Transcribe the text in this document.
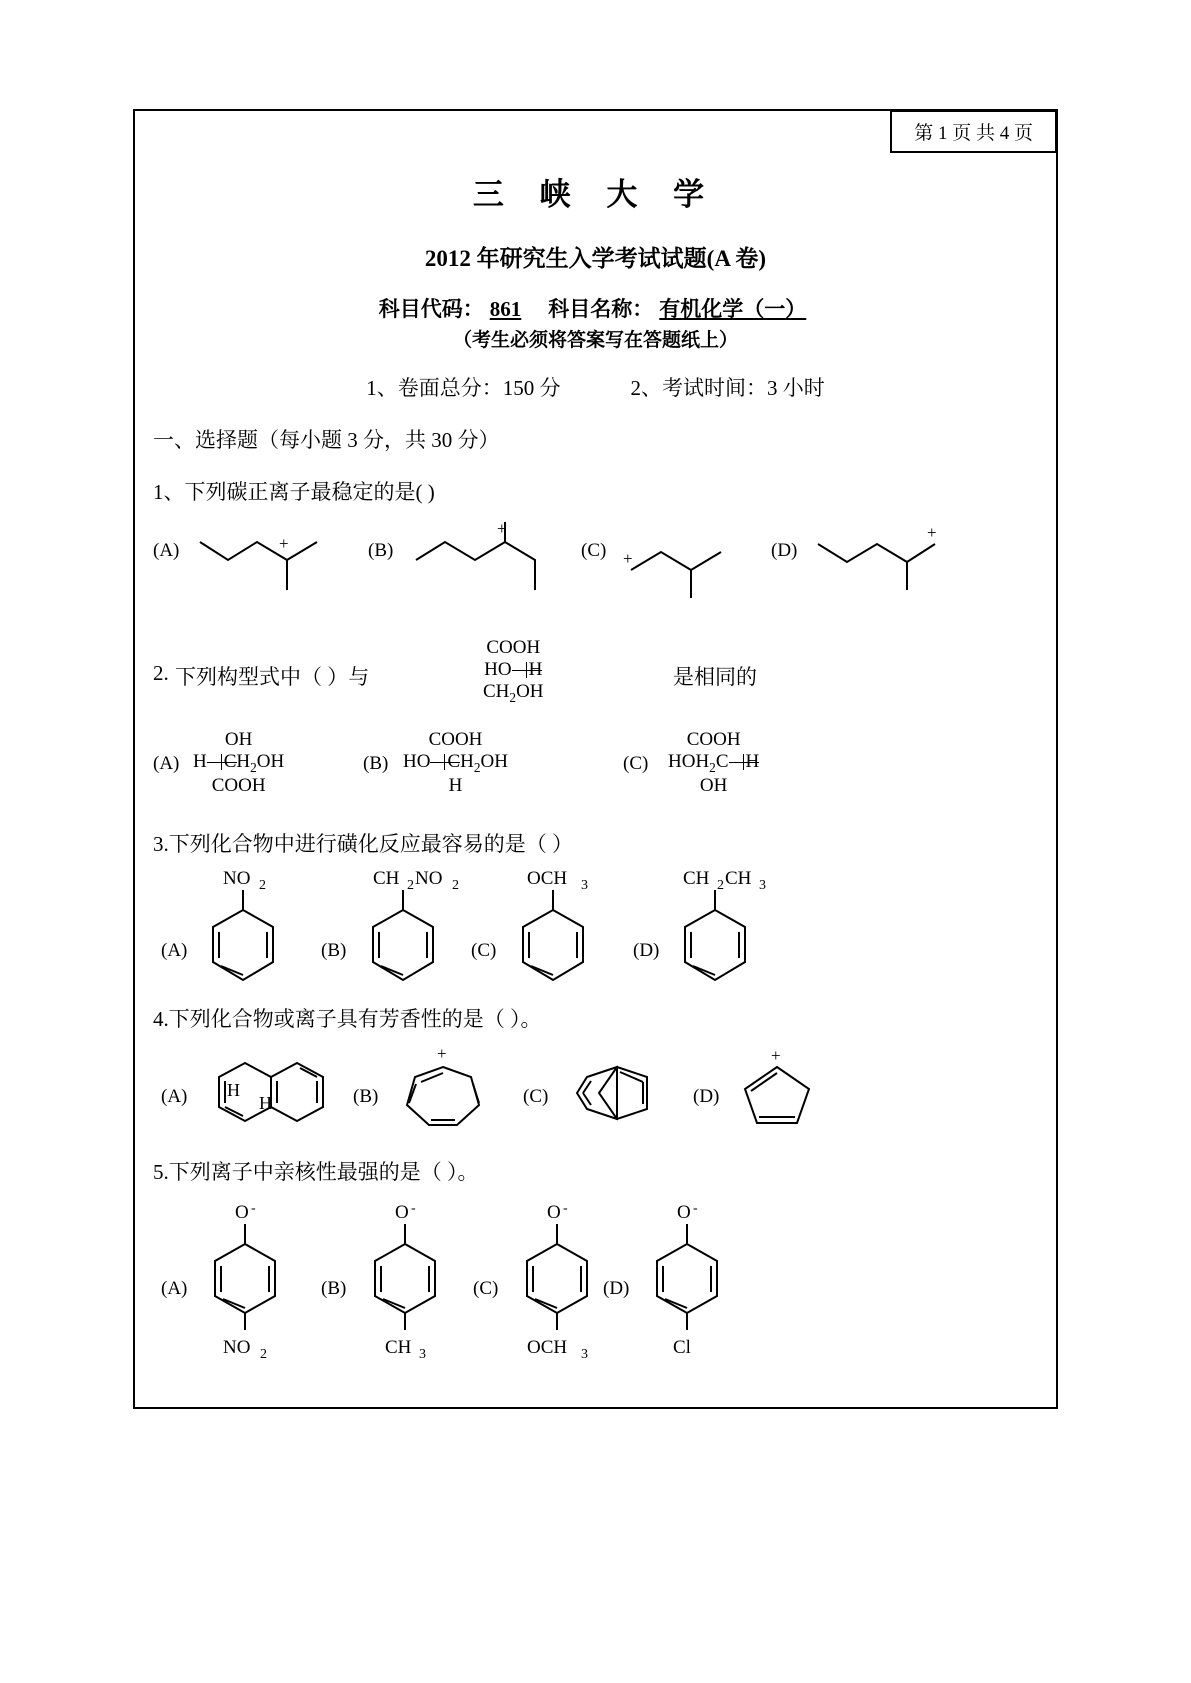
第 1 页 共 4 页
三 峡 大 学
2012 年研究生入学考试试题(A 卷)
科目代码： 861 科目名称： 有机化学（一）
（考生必须将答案写在答题纸上）
1、卷面总分：150 分	2、考试时间：3 小时
一、选择题（每小题 3 分，共 30 分）
1、下列碳正离子最稳定的是( )
(A)	+	(B)
+
(C) +	(D)
+
2. 下列构型式中（ ）与
COOH
HO H
$CH_2OH$
是相同的
(A)
OH
H $CH_2OH$
COOH
(B)
COOH
HO $CH_2OH$
H
(C)
COOH
$HOH_2C$ H
OH
3.下列化合物中进行磺化反应最容易的是（ ）
(A)
NO 2
(B)
CH 2 NO 2
(C)
OCH 3
(D)
CH 2 CH 3
4.下列化合物或离子具有芳香性的是（ ）。
(A) H
H	(B)
+
(C)	(D)
+
5.下列离子中亲核性最强的是（ ）。
(A)
O -
NO 2
(B)
O -
CH 3
(C)
O -
OCH 3
(D)
O -
Cl
